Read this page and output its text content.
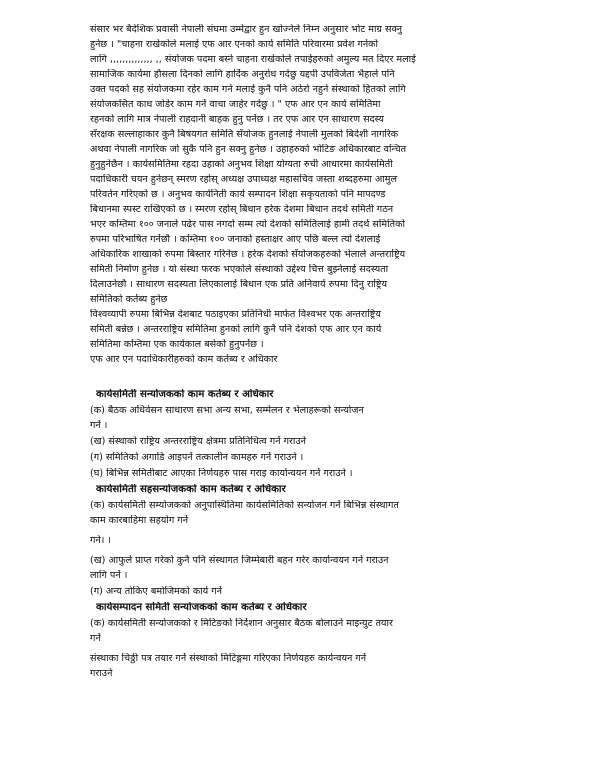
संसार भर बैदेशिक प्रवासी नेपाली संघमा उम्मेद्वार हुन खोज्नेले निम्न अनुसार भोट माग्र सक्नु
हुनेछ । "चाहना राखेकोले मलाई एफ आर एनको कार्य समिति परिवारमा प्रवेश गर्नको
लागि ,,,,,,,,,,,,,, ,, संयोजक पदमा बस्ने चाहना राखेकोले तपाईहरुको अमुल्य मत दिएर मलाई
सामाजिक कार्यमा हौसला दिनको लागि हार्दिक अनुरोध गर्दछु यद्दपी उपविजेता भैहाले पनि
उक्त पदको सह संयोजकमा रहेर काम गर्न मलाई कुनै पनि अठेरो नहुने संस्थाको हितको लागि
संयोजकसित काध जोडेर काम गर्ने वाचा जाहेर गर्दछु । " एफ आर एन कार्य समितिमा
रहनको लागि मात्र नेपाली राहदानी बाहक हुनु पर्नेछ । तर एफ आर एन साधारण सदस्य
सँरक्षक सल्लाहाकार कुनै बिषयगत समिति सँयोजक हुनलाई नेपाली मुलको बिदेशी नागरिक
अथवा नेपाली नागरिक जो सुकै पनि हुन सक्नु हुनेछ । उहाहरुको भोटिङ अधिकारबाट वन्चित
हुनुहुनेछैन । कार्यसमितिमा रहदा उहाको अनुभव शिक्षा योग्यता रुची आधारमा कार्यसमिती
पदाधिकारी चयन हुनेछन् स्मरण रहोस् अध्यक्ष उपाध्यक्ष महासचिव जस्ता शब्दहरुमा आमुल
परिवर्तन गरिएको छ । अनुभव कार्यनिती कार्य सम्पादन शिक्षा सकृयताको पनि मापदण्ड
बिधानमा स्पस्ट राखिएको छ । स्मरण रहोस् बिधान हरेक देशमा बिधान तदर्थ समिती गठन
भएर कम्तिमा १०० जनाले पढेर पास नगर्दा सम्म त्यो देशको समितिलाई हामी तदर्थ समितिको
रुपमा परिभाषित गर्नेछौ । कम्तिमा १०० जनाको हस्ताक्षर आए पछि बल्ल त्यो देशलाई
अधिकारिक शाखाको रुपमा बिस्तार गरिनेछ । हरेक देशको सँयोजकहरुको भेलाले अन्तराष्ट्रिय
समिती निर्माण हुनेछ । यो संस्था फरक भएकोले संस्थाको उद्देश्य चित्त बुझ्नेलाई सदस्यता
दिलाउनेछौ । साधारण सदस्यता लिएकालाई बिधान एक प्रति अनिवार्य रुपमा दिनु राष्ट्रिय
समितिको कर्तब्य हुनेछ
विश्वव्यापी रुपमा बिभिन्न देशबाट पठाइएका प्रतिनिधी मार्फत विश्वभर एक अन्तराष्ट्रिय
समिती बन्नेछ । अन्तरराष्ट्रिय समितिमा हुनको लागि कुनै पनि देशको एफ आर एन कार्य
समितिमा कम्तिमा एक कार्यकाल बसेको हुनुपर्नेछ ।
एफ आर एन पदाधिकारीहरुको काम कर्तब्य र अधिकार
कार्यसमिती सन्योजकको काम कर्तब्य र अधिकार
(क) बैठक अधिवेसन साधारण सभा अन्य सभा, सम्मेलन र भेलाहरूको सन्योजन
गर्ने ।
(ख) संस्थाको राष्ट्रिय अन्तरराष्ट्रिय क्षेत्रमा प्रतिनिधित्व गर्ने गराउने
(ग) समितिको अगाडि आइपर्ने तत्कालीन कामहरु गर्ने गराउने ।
(घ) बिभिन्न समितीबाट आएका निर्णयहरु पास गराइ कार्यान्वयन गर्ने गराउने ।
कार्यसमिती सहसन्योजकको काम कर्तब्य र अधिकार
(क) कार्यसमिती सम्योजकको अनुपास्थितिमा कार्यसमितिको सन्योजन गर्ने बिभिन्न संस्थागत
काम कारबाहिमा सहयोग गर्ने
गने। ।
(ख) आफुले प्राप्त गरेको कुनै पनि संस्थागत जिम्मेबारी बहन गरेर कार्यान्वयन गर्न गराउन
लागि पर्ने ।
(ग) अन्य तोकिए बमोजिमको कार्य गर्ने
कार्यसम्पादन समिती सन्योजकको काम कर्तब्य र अधिकार
(क) कार्यसमिती सन्योजकको र मिटिङको निर्देशान अनुसार बैठक बोलाउने माइन्युट तयार
गर्ने
संस्थाका चिठ्ठी पत्र तयार गर्ने संस्थाको मिटिङ्गमा गरिएका निर्णयहरु कार्यन्वयन गर्ने
गराउने
